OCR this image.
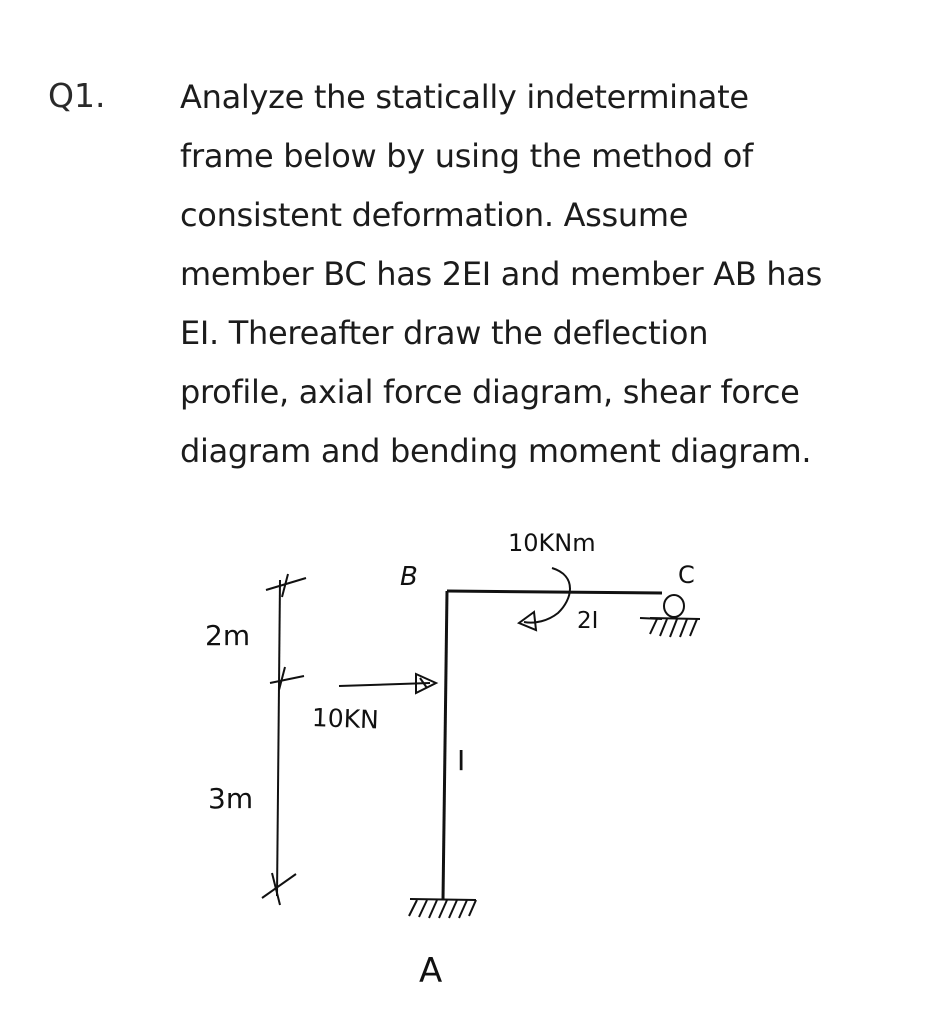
Q1. Analyze the statically indeterminate
frame below by using the method of
consistent deformation. Assume
member BC has 2EI and member AB has
EI. Thereafter draw the deflection
profile, axial force diagram, shear force
diagram and bending moment diagram.
2m
3m
10KN
10KNm
B	C
A
I
2I
